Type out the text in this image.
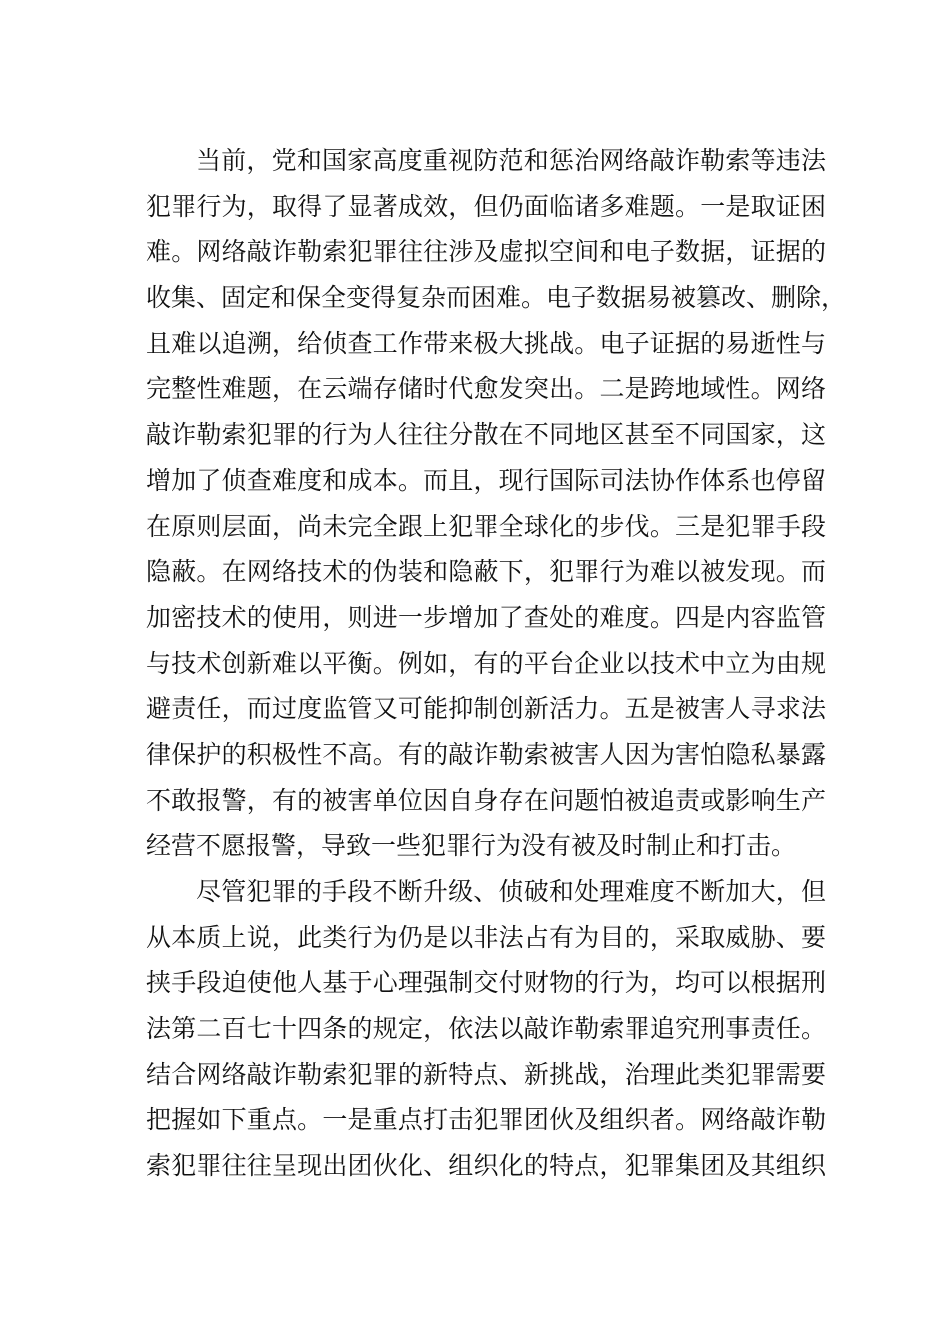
当前，党和国家高度重视防范和惩治网络敲诈勒索等违法
犯罪行为，取得了显著成效，但仍面临诸多难题。一是取证困
难。网络敲诈勒索犯罪往往涉及虚拟空间和电子数据，证据的
收集、固定和保全变得复杂而困难。电子数据易被篡改、删除，
且难以追溯，给侦查工作带来极大挑战。电子证据的易逝性与
完整性难题，在云端存储时代愈发突出。二是跨地域性。网络
敲诈勒索犯罪的行为人往往分散在不同地区甚至不同国家，这
增加了侦查难度和成本。而且，现行国际司法协作体系也停留
在原则层面，尚未完全跟上犯罪全球化的步伐。三是犯罪手段
隐蔽。在网络技术的伪装和隐蔽下，犯罪行为难以被发现。而
加密技术的使用，则进一步增加了查处的难度。四是内容监管
与技术创新难以平衡。例如，有的平台企业以技术中立为由规
避责任，而过度监管又可能抑制创新活力。五是被害人寻求法
律保护的积极性不高。有的敲诈勒索被害人因为害怕隐私暴露
不敢报警，有的被害单位因自身存在问题怕被追责或影响生产
经营不愿报警，导致一些犯罪行为没有被及时制止和打击。
尽管犯罪的手段不断升级、侦破和处理难度不断加大，但
从本质上说，此类行为仍是以非法占有为目的，采取威胁、要
挟手段迫使他人基于心理强制交付财物的行为，均可以根据刑
法第二百七十四条的规定，依法以敲诈勒索罪追究刑事责任。
结合网络敲诈勒索犯罪的新特点、新挑战，治理此类犯罪需要
把握如下重点。一是重点打击犯罪团伙及组织者。网络敲诈勒
索犯罪往往呈现出团伙化、组织化的特点，犯罪集团及其组织
